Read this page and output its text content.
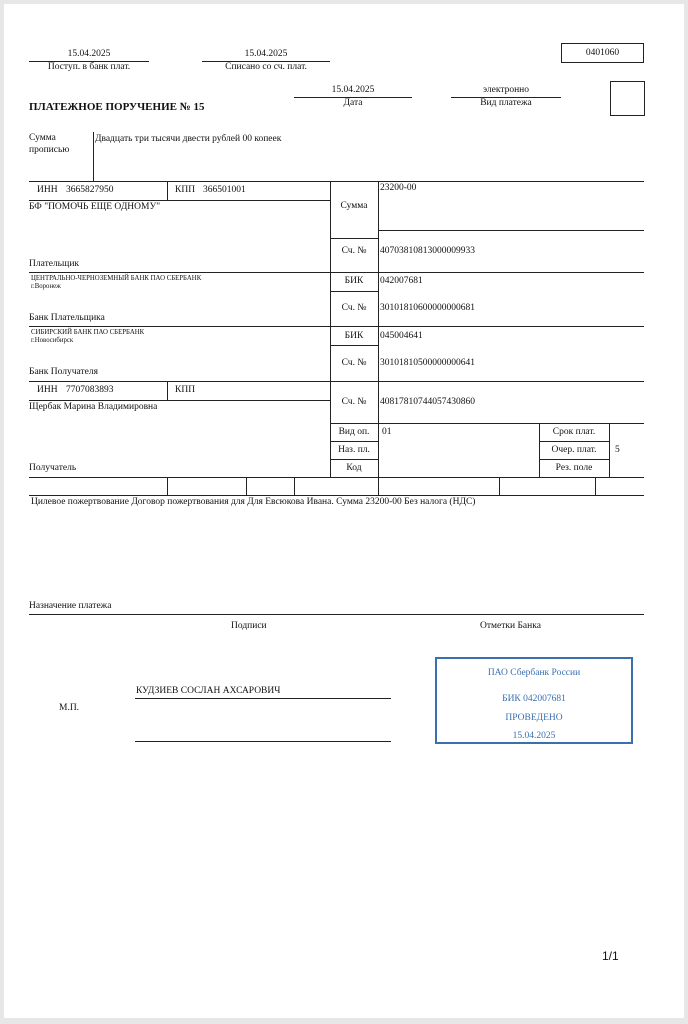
15.04.2025
Поступ. в банк плат.
15.04.2025
Списано со сч. плат.
0401060
15.04.2025
Дата
электронно
Вид платежа
ПЛАТЕЖНОЕ ПОРУЧЕНИЕ № 15
Сумма
прописью
Двадцать три тысячи двести рублей 00 копеек
ИНН 3665827950	КПП 366501001
БФ "ПОМОЧЬ ЕЩЕ ОДНОМУ"
Плательщик
Сумма
23200-00
Сч. №	40703810813000009933
ЦЕНТРАЛЬНО-ЧЕРНОЗЕМНЫЙ БАНК ПАО СБЕРБАНК
г.Воронеж
Банк Плательщика
БИК	042007681
Сч. №	30101810600000000681
СИБИРСКИЙ БАНК ПАО СБЕРБАНК
г.Новосибирск
Банк Получателя
БИК	045004641
Сч. №	30101810500000000641
ИНН 7707083893	КПП
Щербак Марина Владимировна
Получатель
Сч. №	40817810744057430860
Вид оп.	01
Наз. пл.
Код
Срок плат.
Очер. плат.	5
Рез. поле
Цилевое пожертвование Договор пожертвования для Для Евсюкова Ивана. Сумма 23200-00 Без налога (НДС)
Назначение платежа
Подписи	Отметки Банка
М.П.
КУДЗИЕВ СОСЛАН АХСАРОВИЧ
ПАО Сбербанк России
БИК 042007681
ПРОВЕДЕНО
15.04.2025
1/1
